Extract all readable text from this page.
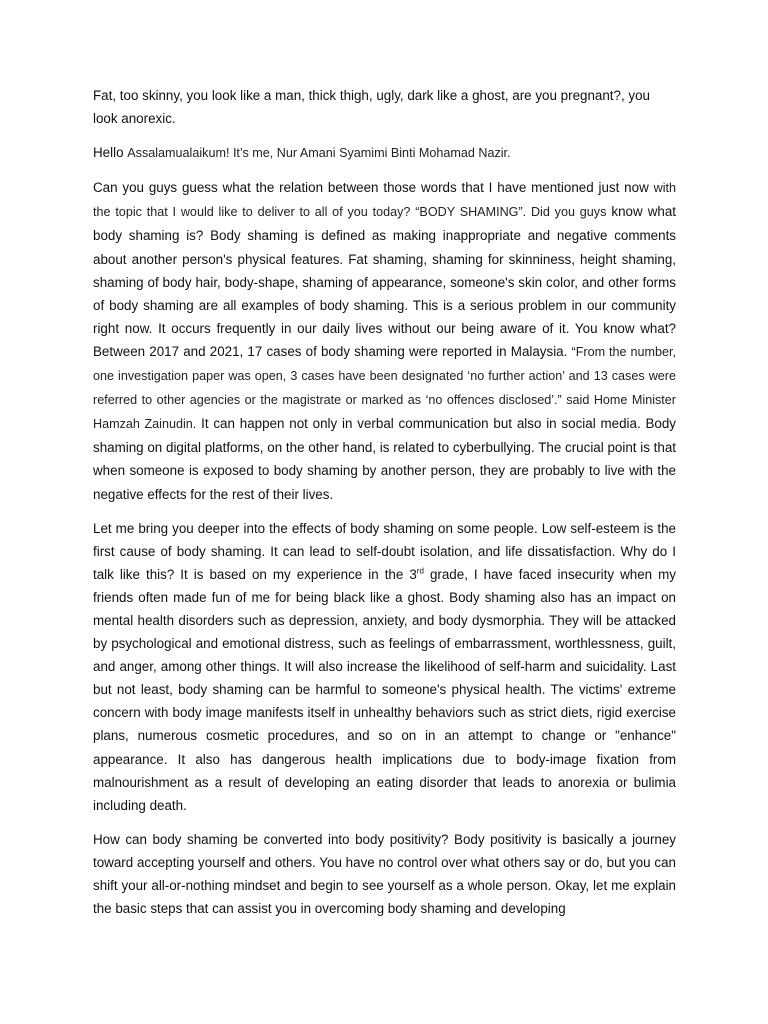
Fat, too skinny, you look like a man, thick thigh, ugly, dark like a ghost, are you pregnant?, you look anorexic.

Hello Assalamualaikum! It’s me, Nur Amani Syamimi Binti Mohamad Nazir.

Can you guys guess what the relation between those words that I have mentioned just now with the topic that I would like to deliver to all of you today? “BODY SHAMING”. Did you guys know what body shaming is? Body shaming is defined as making inappropriate and negative comments about another person's physical features. Fat shaming, shaming for skinniness, height shaming, shaming of body hair, body-shape, shaming of appearance, someone's skin color, and other forms of body shaming are all examples of body shaming. This is a serious problem in our community right now. It occurs frequently in our daily lives without our being aware of it. You know what? Between 2017 and 2021, 17 cases of body shaming were reported in Malaysia. “From the number, one investigation paper was open, 3 cases have been designated ‘no further action’ and 13 cases were referred to other agencies or the magistrate or marked as ‘no offences disclosed’.” said Home Minister Hamzah Zainudin. It can happen not only in verbal communication but also in social media. Body shaming on digital platforms, on the other hand, is related to cyberbullying. The crucial point is that when someone is exposed to body shaming by another person, they are probably to live with the negative effects for the rest of their lives.

Let me bring you deeper into the effects of body shaming on some people. Low self-esteem is the first cause of body shaming. It can lead to self-doubt isolation, and life dissatisfaction. Why do I talk like this? It is based on my experience in the 3rd grade, I have faced insecurity when my friends often made fun of me for being black like a ghost. Body shaming also has an impact on mental health disorders such as depression, anxiety, and body dysmorphia. They will be attacked by psychological and emotional distress, such as feelings of embarrassment, worthlessness, guilt, and anger, among other things. It will also increase the likelihood of self-harm and suicidality. Last but not least, body shaming can be harmful to someone's physical health. The victims' extreme concern with body image manifests itself in unhealthy behaviors such as strict diets, rigid exercise plans, numerous cosmetic procedures, and so on in an attempt to change or "enhance" appearance. It also has dangerous health implications due to body-image fixation from malnourishment as a result of developing an eating disorder that leads to anorexia or bulimia including death.

How can body shaming be converted into body positivity? Body positivity is basically a journey toward accepting yourself and others. You have no control over what others say or do, but you can shift your all-or-nothing mindset and begin to see yourself as a whole person. Okay, let me explain the basic steps that can assist you in overcoming body shaming and developing
